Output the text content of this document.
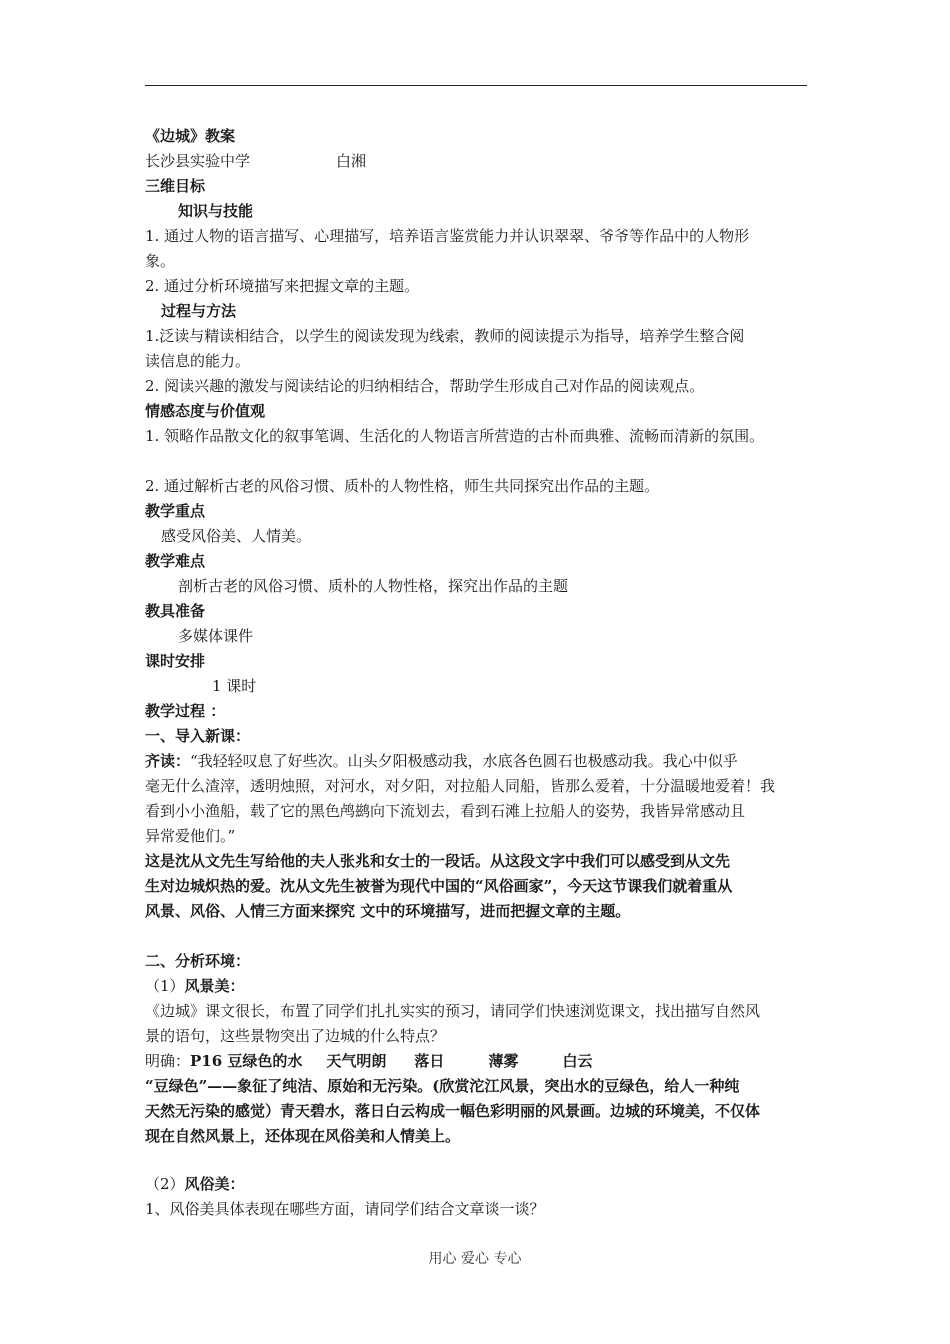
《边城》教案
长沙县实验中学	白湘
三维目标
知识与技能
1. 通过人物的语言描写、心理描写，培养语言鉴赏能力并认识翠翠、爷爷等作品中的人物形
象。
2. 通过分析环境描写来把握文章的主题。
过程与方法
1.泛读与精读相结合，以学生的阅读发现为线索，教师的阅读提示为指导，培养学生整合阅
读信息的能力。
2. 阅读兴趣的激发与阅读结论的归纳相结合，帮助学生形成自己对作品的阅读观点。
情感态度与价值观
1. 领略作品散文化的叙事笔调、生活化的人物语言所营造的古朴而典雅、流畅而清新的氛围。
2. 通过解析古老的风俗习惯、质朴的人物性格，师生共同探究出作品的主题。
教学重点
感受风俗美、人情美。
教学难点
剖析古老的风俗习惯、质朴的人物性格，探究出作品的主题
教具准备
多媒体课件
课时安排
1 课时
教学过程 ：
一、导入新课：
齐读：“我轻轻叹息了好些次。山头夕阳极感动我，水底各色圆石也极感动我。我心中似乎
毫无什么渣滓，透明烛照，对河水，对夕阳，对拉船人同船，皆那么爱着，十分温暖地爱着！我
看到小小渔船，载了它的黑色鸬鹚向下流划去，看到石滩上拉船人的姿势，我皆异常感动且
异常爱他们。”
这是沈从文先生写给他的夫人张兆和女士的一段话。从这段文字中我们可以感受到从文先
生对边城炽热的爱。沈从文先生被誉为现代中国的“风俗画家”，今天这节课我们就着重从
风景、风俗、人情三方面来探究 文中的环境描写，进而把握文章的主题。
二、分析环境：
（1）风景美：
《边城》课文很长，布置了同学们扎扎实实的预习，请同学们快速浏览课文，找出描写自然风
景的语句，这些景物突出了边城的什么特点？
明确：P16 豆绿色的水 天气明朗 落日	薄雾	白云
“豆绿色”——象征了纯洁、原始和无污染。(欣赏沱江风景，突出水的豆绿色，给人一种纯
天然无污染的感觉）青天碧水，落日白云构成一幅色彩明丽的风景画。边城的环境美，不仅体
现在自然风景上，还体现在风俗美和人情美上。
（2）风俗美：
1、风俗美具体表现在哪些方面，请同学们结合文章谈一谈？
用心 爱心 专心
